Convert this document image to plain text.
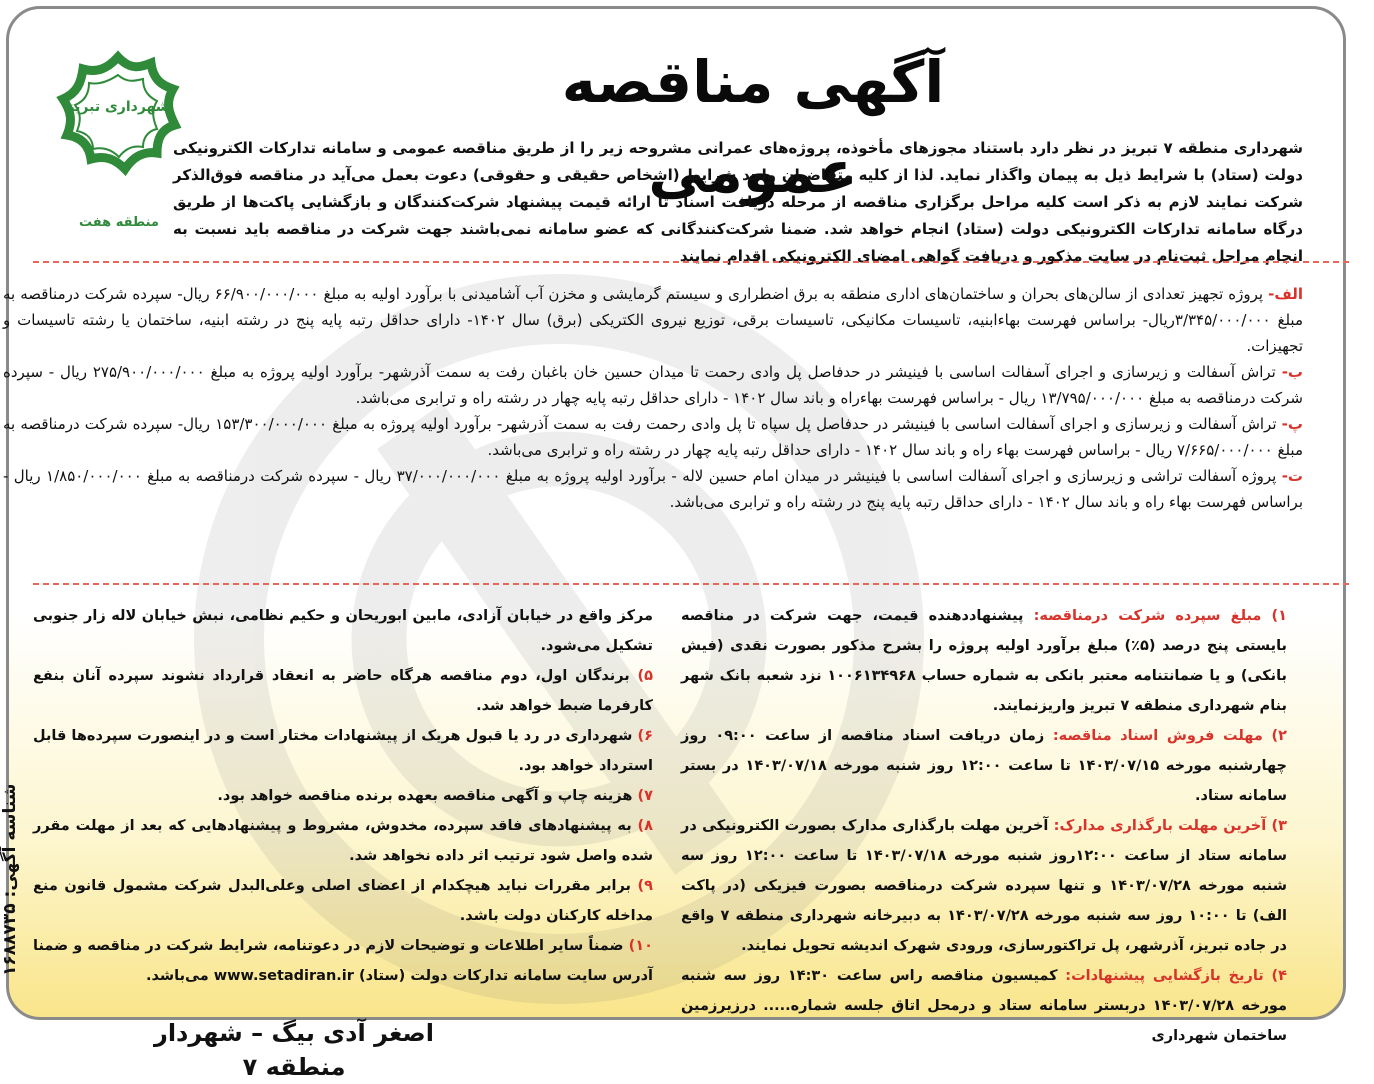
شهرداری تبریز
منطقه هفت
آگهی مناقصه عمومی
شهرداری منطقه ۷ تبریز در نظر دارد باستناد مجوزهای مأخوذه، پروژه‌های عمرانی مشروحه زیر را از طریق مناقصه عمومی و سامانه تدارکات الکترونیکی دولت (ستاد) با شرایط ذیل به پیمان واگذار نماید. لذا از کلیه متقاضیان واجد شرایط (اشخاص حقیقی و حقوقی) دعوت بعمل می‌آید در مناقصه فوق‌الذکر شرکت نمایند لازم به ذکر است کلیه مراحل برگزاری مناقصه از مرحله دریافت اسناد تا ارائه قیمت پیشنهاد شرکت‌کنندگان و بازگشایی پاکت‌ها از طریق درگاه سامانه تدارکات الکترونیکی دولت (ستاد) انجام خواهد شد. ضمنا شرکت‌کنندگانی که عضو سامانه نمی‌باشند جهت شرکت در مناقصه باید نسبت به انجام مراحل ثبت‌نام در سایت مذکور و دریافت گواهی امضای الکترونیکی اقدام نمایند

الف- پروژه تجهیز تعدادی از سالن‌های بحران و ساختمان‌های اداری منطقه به برق اضطراری و سیستم گرمایشی و مخزن آب آشامیدنی با برآورد اولیه به مبلغ ۶۶/۹۰۰/۰۰۰/۰۰۰ ریال- سپرده شرکت درمناقصه به مبلغ ۳/۳۴۵/۰۰۰/۰۰۰ریال- براساس فهرست بهاءابنیه، تاسیسات مکانیکی، تاسیسات برقی، توزیع نیروی الکتریکی (برق) سال ۱۴۰۲- دارای حداقل رتبه پایه پنج در رشته ابنیه، ساختمان یا رشته تاسیسات و تجهیزات.

ب- تراش آسفالت و زیرسازی و اجرای آسفالت اساسی با فینیشر در حدفاصل پل وادی رحمت تا میدان حسین خان باغبان رفت به سمت آذرشهر- برآورد اولیه پروژه به مبلغ ۲۷۵/۹۰۰/۰۰۰/۰۰۰ ریال - سپرده شرکت درمناقصه به مبلغ ۱۳/۷۹۵/۰۰۰/۰۰۰ ریال - براساس فهرست بهاءراه و باند سال ۱۴۰۲ - دارای حداقل رتبه پایه چهار در رشته راه و ترابری می‌باشد.

پ- تراش آسفالت و زیرسازی و اجرای آسفالت اساسی با فینیشر در حدفاصل پل سپاه تا پل وادی رحمت رفت به سمت آذرشهر- برآورد اولیه پروژه به مبلغ ۱۵۳/۳۰۰/۰۰۰/۰۰۰ ریال- سپرده شرکت درمناقصه به مبلغ ۷/۶۶۵/۰۰۰/۰۰۰ ریال - براساس فهرست بهاء راه و باند سال ۱۴۰۲ - دارای حداقل رتبه پایه چهار در رشته راه و ترابری می‌باشد.

ت- پروژه آسفالت تراشی و زیرسازی و اجرای آسفالت اساسی با فینیشر در میدان امام حسین لاله - برآورد اولیه پروژه به مبلغ ۳۷/۰۰۰/۰۰۰/۰۰۰ ریال - سپرده شرکت درمناقصه به مبلغ ۱/۸۵۰/۰۰۰/۰۰۰ ریال - براساس فهرست بهاء راه و باند سال ۱۴۰۲ - دارای حداقل رتبه پایه پنج در رشته راه و ترابری می‌باشد.

۱) مبلغ سپرده شرکت درمناقصه: پیشنهاددهنده قیمت، جهت شرکت در مناقصه بایستی پنج درصد (۵٪) مبلغ برآورد اولیه پروژه را بشرح مذکور بصورت نقدی (فیش بانکی) و یا ضمانتنامه معتبر بانکی به شماره حساب ۱۰۰۶۱۳۴۹۶۸ نزد شعبه بانک شهر بنام شهرداری منطقه ۷ تبریز واریزنمایند.

۲) مهلت فروش اسناد مناقصه: زمان دریافت اسناد مناقصه از ساعت ۰۹:۰۰ روز چهارشنبه مورخه ۱۴۰۳/۰۷/۱۵ تا ساعت ۱۲:۰۰ روز شنبه مورخه ۱۴۰۳/۰۷/۱۸ در بستر سامانه ستاد.

۳) آخرین مهلت بارگذاری مدارک: آخرین مهلت بارگذاری مدارک بصورت الکترونیکی در سامانه ستاد از ساعت ۱۲:۰۰روز شنبه مورخه ۱۴۰۳/۰۷/۱۸ تا ساعت ۱۲:۰۰ روز سه شنبه مورخه ۱۴۰۳/۰۷/۲۸ و تنها سپرده شرکت درمناقصه بصورت فیزیکی (در پاکت الف) تا ۱۰:۰۰ روز سه شنبه مورخه ۱۴۰۳/۰۷/۲۸ به دبیرخانه شهرداری منطقه ۷ واقع در جاده تبریز، آذرشهر، پل تراکتورسازی، ورودی شهرک اندیشه تحویل نمایند.

۴) تاریخ بازگشایی پیشنهادات: کمیسیون مناقصه راس ساعت ۱۴:۳۰ روز سه شنبه مورخه ۱۴۰۳/۰۷/۲۸ دربستر سامانه ستاد و درمحل اتاق جلسه شماره..... درزیرزمین ساختمان شهرداری

مرکز واقع در خیابان آزادی، مابین ابوریحان و حکیم نظامی، نبش خیابان لاله زار جنوبی تشکیل می‌شود.

۵) برندگان اول، دوم مناقصه هرگاه حاضر به انعقاد قرارداد نشوند سپرده آنان بنفع کارفرما ضبط خواهد شد.

۶) شهرداری در رد یا قبول هریک از پیشنهادات مختار است و در اینصورت سپرده‌ها قابل استرداد خواهد بود.

۷) هزینه چاپ و آگهی مناقصه بعهده برنده مناقصه خواهد بود.

۸) به پیشنهادهای فاقد سپرده، مخدوش، مشروط و پیشنهادهایی که بعد از مهلت مقرر شده واصل شود ترتیب اثر داده نخواهد شد.

۹) برابر مقررات نباید هیچکدام از اعضای اصلی وعلی‌البدل شرکت مشمول قانون منع مداخله کارکنان دولت باشد.

۱۰) ضمناً سایر اطلاعات و توضیحات لازم در دعوتنامه، شرایط شرکت در مناقصه و ضمنا آدرس سایت سامانه تدارکات دولت (ستاد) www.setadiran.ir می‌باشد.

اصغر آدی بیگ – شهردار منطقه ۷
شناسه آگهی: ۱۶۸۸۷۳۵
